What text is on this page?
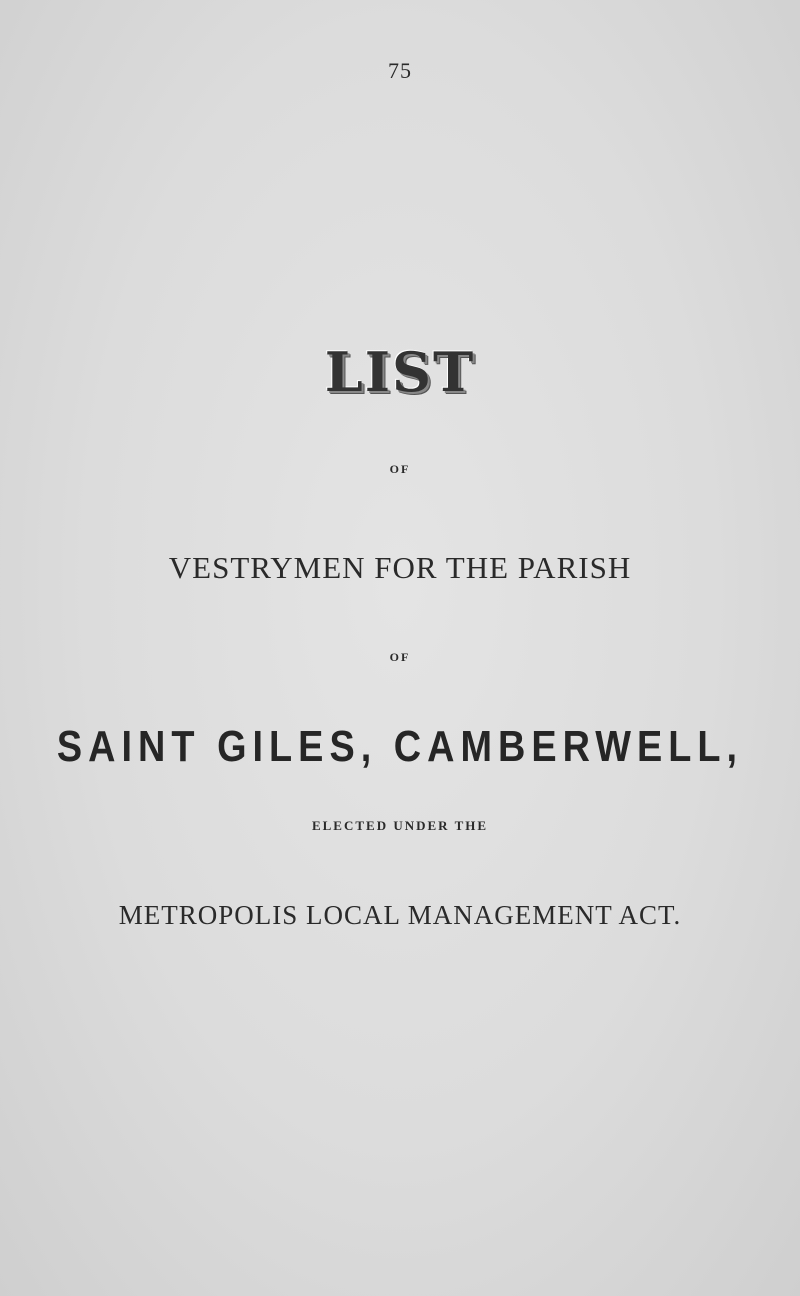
75
LIST
OF
VESTRYMEN FOR THE PARISH
OF
SAINT GILES, CAMBERWELL,
ELECTED UNDER THE
METROPOLIS LOCAL MANAGEMENT ACT.
